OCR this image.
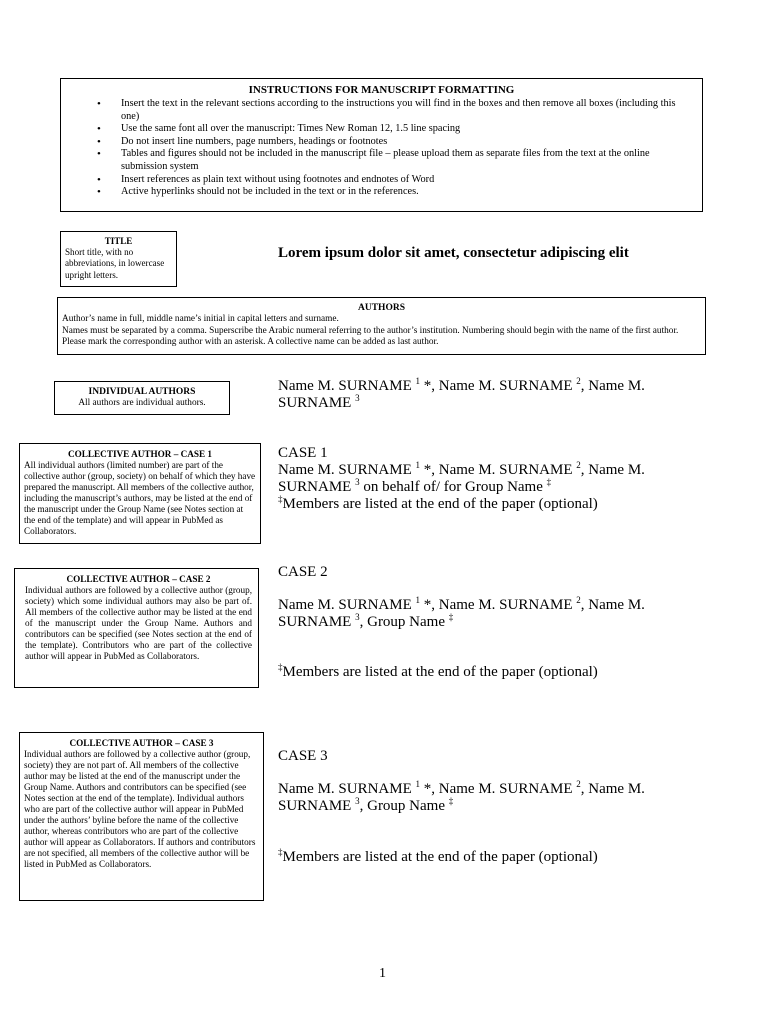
INSTRUCTIONS FOR MANUSCRIPT FORMATTING
• Insert the text in the relevant sections according to the instructions you will find in the boxes and then remove all boxes (including this one)
• Use the same font all over the manuscript: Times New Roman 12, 1.5 line spacing
• Do not insert line numbers, page numbers, headings or footnotes
• Tables and figures should not be included in the manuscript file – please upload them as separate files from the text at the online submission system
• Insert references as plain text without using footnotes and endnotes of Word
• Active hyperlinks should not be included in the text or in the references.
TITLE
Short title, with no abbreviations, in lowercase upright letters.
Lorem ipsum dolor sit amet, consectetur adipiscing elit
AUTHORS
Author’s name in full, middle name’s initial in capital letters and surname.
Names must be separated by a comma. Superscribe the Arabic numeral referring to the author’s institution. Numbering should begin with the name of the first author. Please mark the corresponding author with an asterisk. A collective name can be added as last author.
INDIVIDUAL AUTHORS
All authors are individual authors.
Name M. SURNAME $^1$ *, Name M. SURNAME $^2$, Name M. SURNAME $^3$
COLLECTIVE AUTHOR – CASE 1
All individual authors (limited number) are part of the collective author (group, society) on behalf of which they have prepared the manuscript. All members of the collective author, including the manuscript’s authors, may be listed at the end of the manuscript under the Group Name (see Notes section at the end of the template) and will appear in PubMed as Collaborators.
CASE 1
Name M. SURNAME $^1$ *, Name M. SURNAME $^2$, Name M. SURNAME $^3$ on behalf of/ for Group Name ‡
‡Members are listed at the end of the paper (optional)
COLLECTIVE AUTHOR – CASE 2
Individual authors are followed by a collective author (group, society) which some individual authors may also be part of. All members of the collective author may be listed at the end of the manuscript under the Group Name. Authors and contributors can be specified (see Notes section at the end of the template). Contributors who are part of the collective author will appear in PubMed as Collaborators.
CASE 2
Name M. SURNAME $^1$ *, Name M. SURNAME $^2$, Name M. SURNAME $^3$, Group Name ‡
‡Members are listed at the end of the paper (optional)
COLLECTIVE AUTHOR – CASE 3
Individual authors are followed by a collective author (group, society) they are not part of. All members of the collective author may be listed at the end of the manuscript under the Group Name. Authors and contributors can be specified (see Notes section at the end of the template). Individual authors who are part of the collective author will appear in PubMed under the authors’ byline before the name of the collective author, whereas contributors who are part of the collective author will appear as Collaborators. If authors and contributors are not specified, all members of the collective author will be listed in PubMed as Collaborators.
CASE 3
Name M. SURNAME $^1$ *, Name M. SURNAME $^2$, Name M. SURNAME $^3$, Group Name ‡
‡Members are listed at the end of the paper (optional)
1
